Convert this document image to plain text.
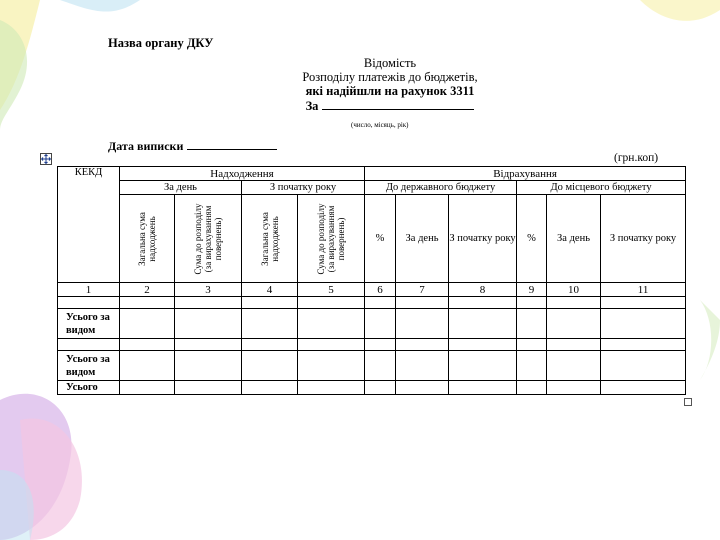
Назва органу ДКУ
Відомість
Розподілу платежів до бюджетів,
які надійшли на рахунок 3311
За
(число, місяць, рік)
Дата виписки
(грн.коп)
КЕКД	Надходження				Відрахування					
	За день		З початку року		До державного бюджету			До місцевого бюджету		

	Загальна сума надходжень	Сума до розподілу (за вирахуванням повернень)	Загальна сума надходжень	Сума до розподілу (за вирахуванням повернень)	%	За день	З початку року	%	За день	З початку року
1	2	3	4	5	6	7	8	9	10	11

Усього за видом										

Усього за видом										
Усього										
